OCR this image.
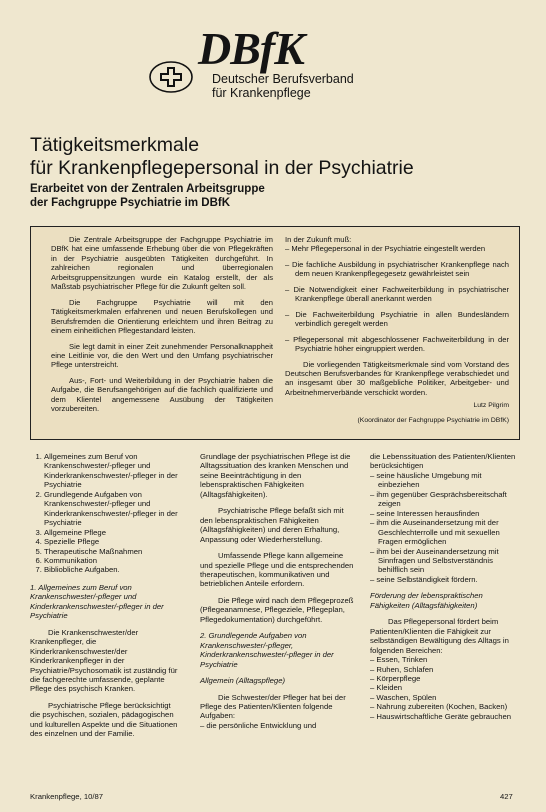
DBfK
Deutscher Berufsverband
für Krankenpflege
Tätigkeitsmerkmale
für Krankenpflegepersonal in der Psychiatrie
Erarbeitet von der Zentralen Arbeitsgruppe
der Fachgruppe Psychiatrie im DBfK

Die Zentrale Arbeitsgruppe der Fachgruppe Psychiatrie im DBfK hat eine umfassende Erhebung über die von Pflegekräften in der Psychiatrie ausgeübten Tätigkeiten durchgeführt. In zahlreichen regionalen und überregionalen Arbeitsgruppensitzungen wurde ein Katalog erstellt, der als Maßstab psychiatrischer Pflege für die Zukunft gelten soll.

Die Fachgruppe Psychiatrie will mit den Tätigkeitsmerkmalen erfahrenen und neuen Berufskollegen und Berufsfremden die Orientierung erleichtern und ihren Beitrag zu einem einheitlichen Pflegestandard leisten.

Sie legt damit in einer Zeit zunehmender Personalknappheit eine Leitlinie vor, die den Wert und den Umfang psychiatrischer Pflege unterstreicht.

Aus-, Fort- und Weiterbildung in der Psychiatrie haben die Aufgabe, die Berufsangehörigen auf die fachlich qualifizierte und dem Klientel angemessene Ausübung der Tätigkeiten vorzubereiten.

In der Zukunft muß:

– Mehr Pflegepersonal in der Psychiatrie eingestellt werden

– Die fachliche Ausbildung in psychiatrischer Krankenpflege nach dem neuen Krankenpflegegesetz gewährleistet sein

– Die Notwendigkeit einer Fachweiterbildung in psychiatrischer Krankenpflege überall anerkannt werden

– Die Fachweiterbildung Psychiatrie in allen Bundesländern verbindlich geregelt werden

– Pflegepersonal mit abgeschlossener Fachweiterbildung in der Psychiatrie höher eingruppiert werden.

Die vorliegenden Tätigkeitsmerkmale sind vom Vorstand des Deutschen Berufsverbandes für Krankenpflege verabschiedet und an insgesamt über 30 maßgebliche Politiker, Arbeitgeber- und Arbeitnehmerverbände verschickt worden.

Lutz Pilgrim

(Koordinator der Fachgruppe Psychiatrie im DBfK)

1. Allgemeines zum Beruf von Krankenschwester/-pfleger und Kinderkrankenschwester/-pfleger in der Psychiatrie
2. Grundlegende Aufgaben von Krankenschwester/-pfleger und Kinderkrankenschwester/-pfleger in der Psychiatrie
3. Allgemeine Pflege
4. Spezielle Pflege
5. Therapeutische Maßnahmen
6. Kommunikation
7. Bibliobliche Aufgaben.

1. Allgemeines zum Beruf von Krankenschwester/-pfleger und Kinderkrankenschwester/-pfleger in der Psychiatrie

Die Krankenschwester/der Krankenpfleger, die Kinderkrankenschwester/der Kinderkrankenpfleger in der Psychiatrie/Psychosomatik ist zuständig für die fachgerechte umfassende, geplante Pflege des psychisch Kranken.

Psychiatrische Pflege berücksichtigt die psychischen, sozialen, pädagogischen und kulturellen Aspekte und die Situationen des einzelnen und der Familie.

Grundlage der psychiatrischen Pflege ist die Alltagssituation des kranken Menschen und seine Beeinträchtigung in den lebenspraktischen Fähigkeiten (Alltagsfähigkeiten).

Psychiatrische Pflege befaßt sich mit den lebenspraktischen Fähigkeiten (Alltagsfähigkeiten) und deren Erhaltung, Anpassung oder Wiederherstellung.

Umfassende Pflege kann allgemeine und spezielle Pflege und die entsprechenden therapeutischen, kommunikativen und betrieblichen Anteile erfordern.

Die Pflege wird nach dem Pflegeprozeß (Pflegeanamnese, Pflegeziele, Pflegeplan, Pflegedokumentation) durchgeführt.

2. Grundlegende Aufgaben von Krankenschwester/-pfleger, Kinderkrankenschwester/-pfleger in der Psychiatrie

Allgemein (Alltagspflege)

Die Schwester/der Pfleger hat bei der Pflege des Patienten/Klienten folgende Aufgaben:

– die persönliche Entwicklung und

die Lebenssituation des Patienten/Klienten berücksichtigen

– seine häusliche Umgebung mit einbeziehen
– ihm gegenüber Gesprächsbereitschaft zeigen
– seine Interessen herausfinden
– ihm die Auseinandersetzung mit der Geschlechterrolle und mit sexuellen Fragen ermöglichen
– ihm bei der Auseinandersetzung mit Sinnfragen und Selbstverständnis behilflich sein
– seine Selbständigkeit fördern.

Förderung der lebenspraktischen Fähigkeiten (Alltagsfähigkeiten)

Das Pflegepersonal fördert beim Patienten/Klienten die Fähigkeit zur selbständigen Bewältigung des Alltags in folgenden Bereichen:

– Essen, Trinken
– Ruhen, Schlafen
– Körperpflege
– Kleiden
– Waschen, Spülen
– Nahrung zubereiten (Kochen, Backen)
– Hauswirtschaftliche Geräte gebrauchen
Krankenpflege, 10/87	427
